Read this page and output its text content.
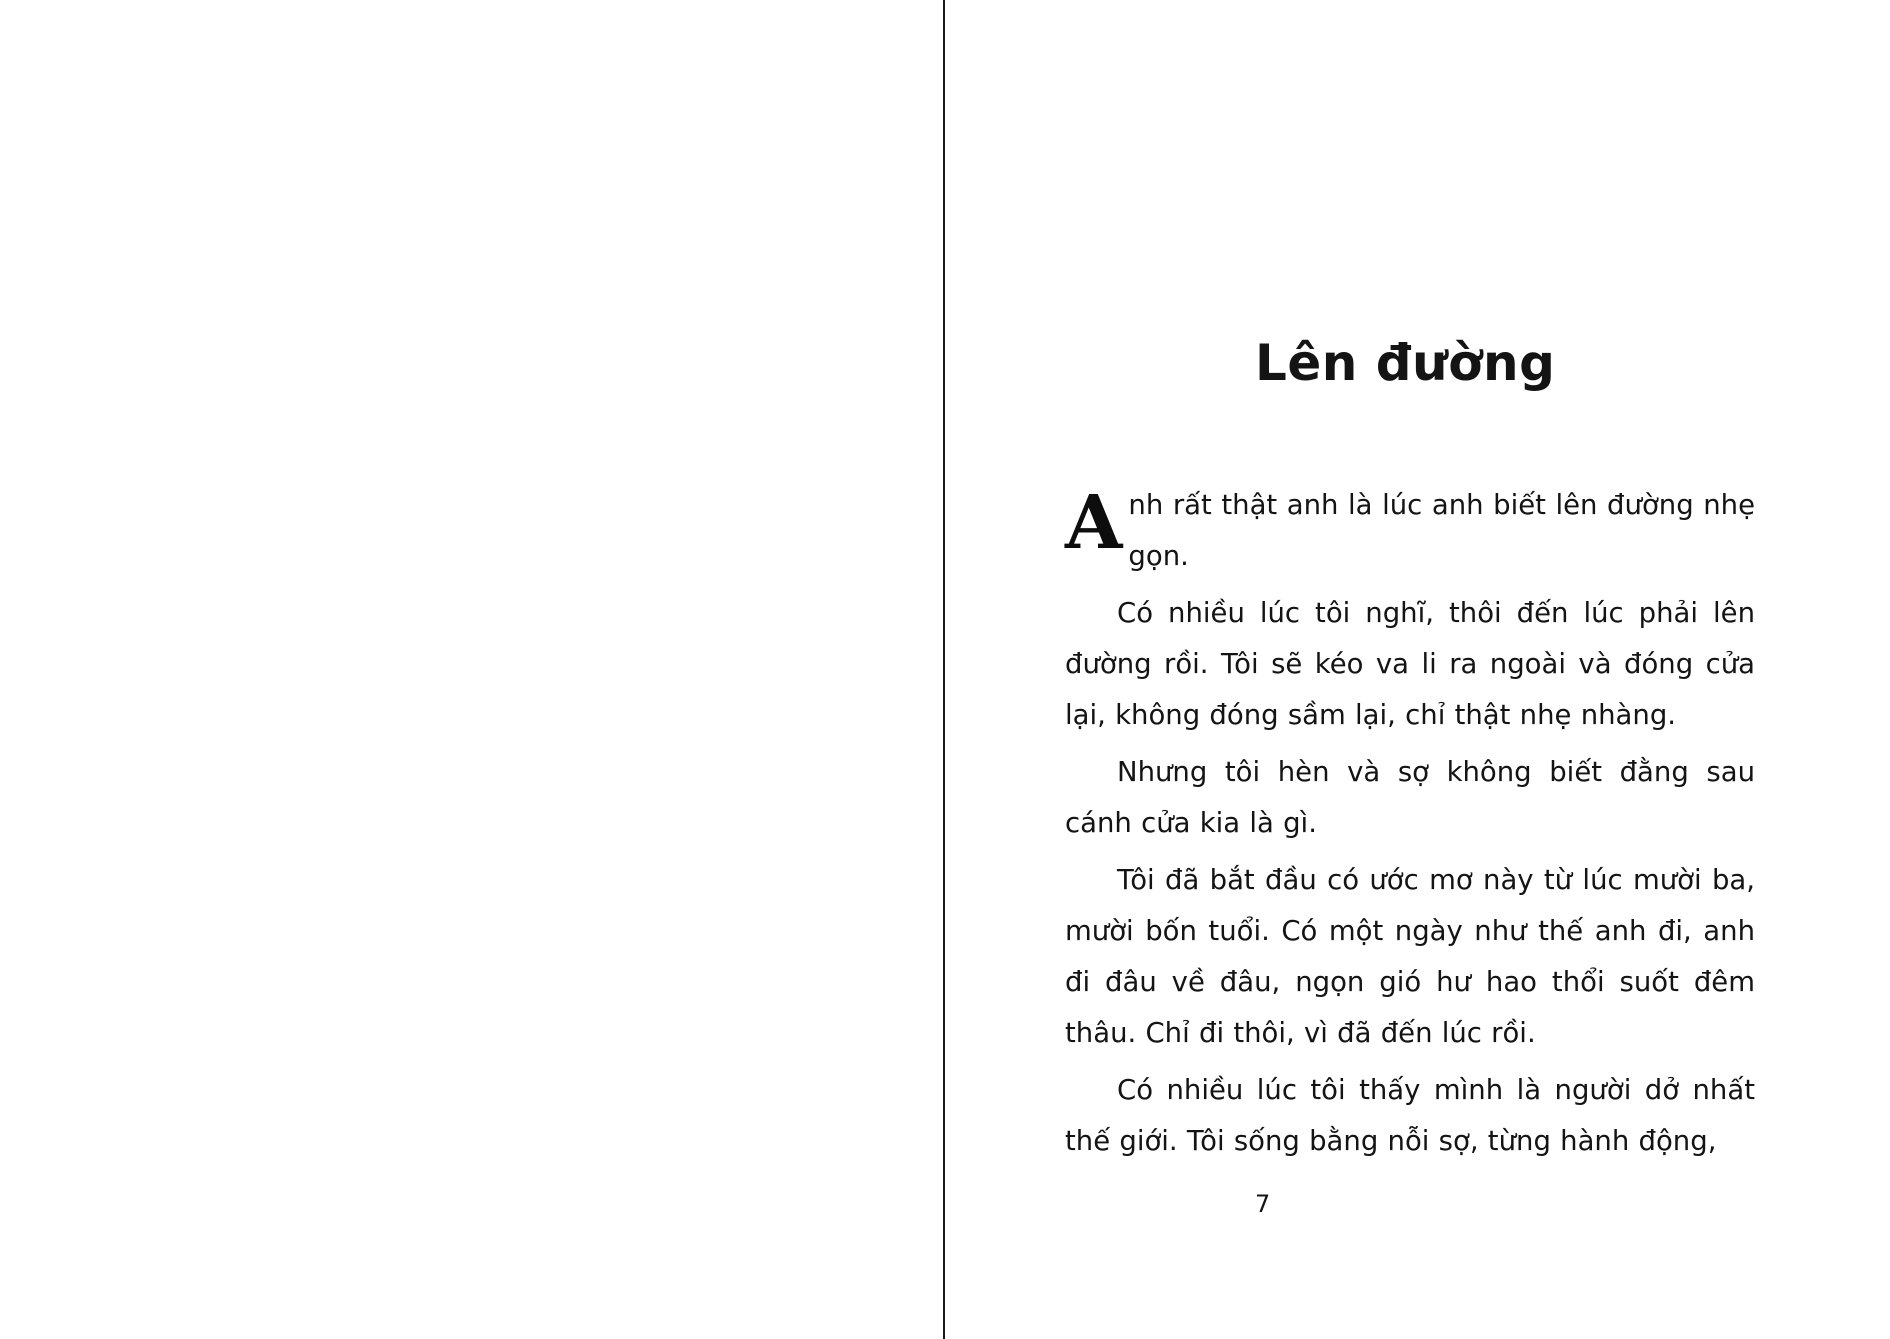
Lên đường

Anh rất thật anh là lúc anh biết lên đường nhẹ gọn.

Có nhiều lúc tôi nghĩ, thôi đến lúc phải lên đường rồi. Tôi sẽ kéo va li ra ngoài và đóng cửa lại, không đóng sầm lại, chỉ thật nhẹ nhàng.

Nhưng tôi hèn và sợ không biết đằng sau cánh cửa kia là gì.

Tôi đã bắt đầu có ước mơ này từ lúc mười ba, mười bốn tuổi. Có một ngày như thế anh đi, anh đi đâu về đâu, ngọn gió hư hao thổi suốt đêm thâu. Chỉ đi thôi, vì đã đến lúc rồi.

Có nhiều lúc tôi thấy mình là người dở nhất thế giới. Tôi sống bằng nỗi sợ, từng hành động,

7
